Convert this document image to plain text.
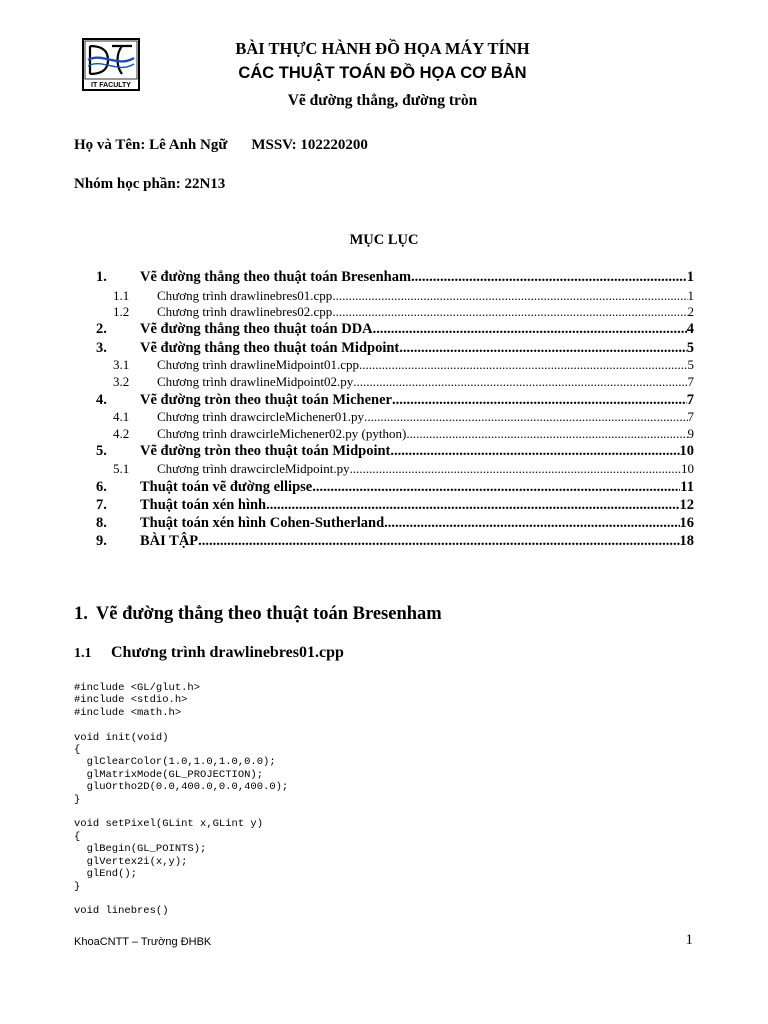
IT FACULTY
BÀI THỰC HÀNH ĐỒ HỌA MÁY TÍNH
CÁC THUẬT TOÁN ĐỒ HỌA CƠ BẢN
Vẽ đường thẳng, đường tròn
Họ và Tên: Lê Anh Ngữ MSSV: 102220200
Nhóm học phần: 22N13
MỤC LỤC
1.	Vẽ đường thẳng theo thuật toán Bresenham .....	1
1.1	Chương trình drawlinebres01.cpp .....	1
1.2	Chương trình drawlinebres02.cpp .....	2
2.	Vẽ đường thẳng theo thuật toán DDA .....	4
3.	Vẽ đường thẳng theo thuật toán Midpoint .....	5
3.1	Chương trình drawlineMidpoint01.cpp .....	5
3.2	Chương trình drawlineMidpoint02.py .....	7
4.	Vẽ đường tròn theo thuật toán Michener .....	7
4.1	Chương trình drawcircleMichener01.py .....	7
4.2	Chương trình drawcirleMichener02.py (python) .....	9
5.	Vẽ đường tròn theo thuật toán Midpoint .....	10
5.1	Chương trình drawcircleMidpoint.py .....	10
6.	Thuật toán vẽ đường ellipse .....	11
7.	Thuật toán xén hình .....	12
8.	Thuật toán xén hình Cohen-Sutherland .....	16
9.	BÀI TẬP .....	18
1. Vẽ đường thẳng theo thuật toán Bresenham
1.1 Chương trình drawlinebres01.cpp
#include <GL/glut.h>
#include <stdio.h>
#include <math.h>

void init(void)
{
glClearColor(1.0,1.0,1.0,0.0);
glMatrixMode(GL_PROJECTION);
gluOrtho2D(0.0,400.0,0.0,400.0);
}

void setPixel(GLint x,GLint y)
{
glBegin(GL_POINTS);
glVertex2i(x,y);
glEnd();
}

void linebres()
KhoaCNTT – Trường ĐHBK	1
